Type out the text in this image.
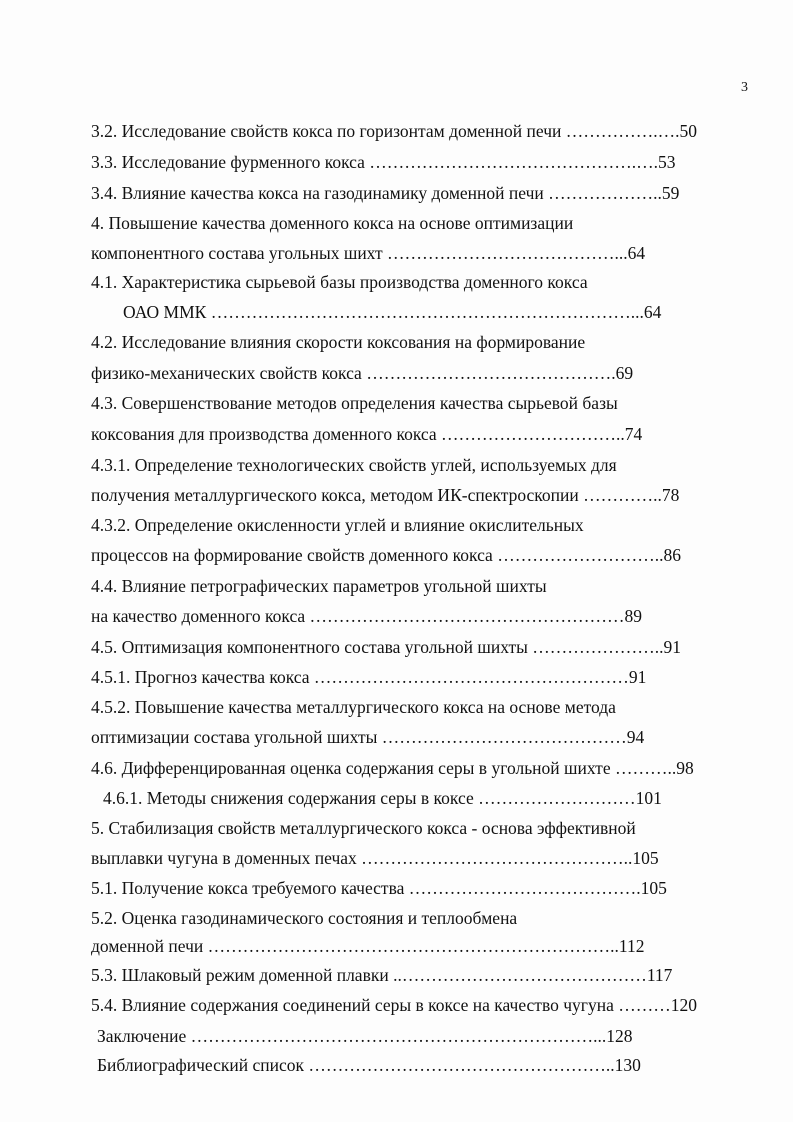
3
3.2. Исследование свойств кокса по горизонтам доменной печи …………….….50
3.3. Исследование фурменного кокса ……………………………………….….53
3.4. Влияние качества кокса на газодинамику доменной печи ………………..59
4. Повышение качества доменного кокса на основе оптимизации
компонентного состава угольных шихт …………………………………...64
4.1. Характеристика сырьевой базы производства доменного кокса
ОАО ММК ………………………………………………………………...64
4.2. Исследование влияния скорости коксования на формирование
физико-механических свойств кокса …………………………………….69
4.3. Совершенствование методов определения качества сырьевой базы
коксования для производства доменного кокса …………………………..74
4.3.1. Определение технологических свойств углей, используемых для
получения металлургического кокса, методом ИК-спектроскопии …………..78
4.3.2. Определение окисленности углей и влияние окислительных
процессов на формирование свойств доменного кокса ………………………..86
4.4. Влияние петрографических параметров угольной шихты
на качество доменного кокса ………………………………………………89
4.5. Оптимизация компонентного состава угольной шихты …………………..91
4.5.1. Прогноз качества кокса ………………………………………………91
4.5.2. Повышение качества металлургического кокса на основе метода
оптимизации состава угольной шихты ……………………………………94
4.6. Дифференцированная оценка содержания серы в угольной шихте ………..98
4.6.1. Методы снижения содержания серы в коксе ………………………101
5. Стабилизация свойств металлургического кокса - основа эффективной
выплавки чугуна в доменных печах ………………………………………..105
5.1. Получение кокса требуемого качества ………………………………….105
5.2. Оценка газодинамического состояния и теплообмена
доменной печи ……………………………………………………………..112
5.3. Шлаковый режим доменной плавки ..……………………………………117
5.4. Влияние содержания соединений серы в коксе на качество чугуна ………120
Заключение ……………………………………………………………...128
Библиографический список ……………………………………………..130
